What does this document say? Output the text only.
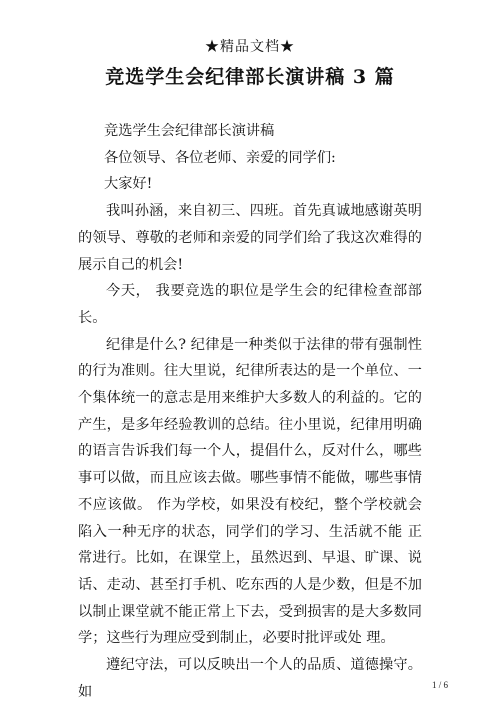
★精品文档★
竞选学生会纪律部长演讲稿 3 篇

竞选学生会纪律部长演讲稿

各位领导、各位老师、亲爱的同学们:

大家好!

我叫孙涵，来自初三、四班。首先真诚地感谢英明的领导、尊敬的老师和亲爱的同学们给了我这次难得的展示自己的机会!

今天， 我要竞选的职位是学生会的纪律检查部部长。

纪律是什么? 纪律是一种类似于法律的带有强制性的行为准则。往大里说，纪律所表达的是一个单位、一个集体统一的意志是用来维护大多数人的利益的。它的产生，是多年经验教训的总结。往小里说，纪律用明确的语言告诉我们每一个人，提倡什么，反对什么，哪些事可以做，而且应该去做。哪些事情不能做，哪些事情不应该做。 作为学校，如果没有校纪，整个学校就会陷入一种无序的状态，同学们的学习、生活就不能 正常进行。比如，在课堂上，虽然迟到、早退、旷课、说话、走动、甚至打手机、吃东西的人是少数，但是不加以制止课堂就不能正常上下去，受到损害的是大多数同学；这些行为理应受到制止，必要时批评或处 理。

遵纪守法，可以反映出一个人的品质、道德操守。如	1 / 6
